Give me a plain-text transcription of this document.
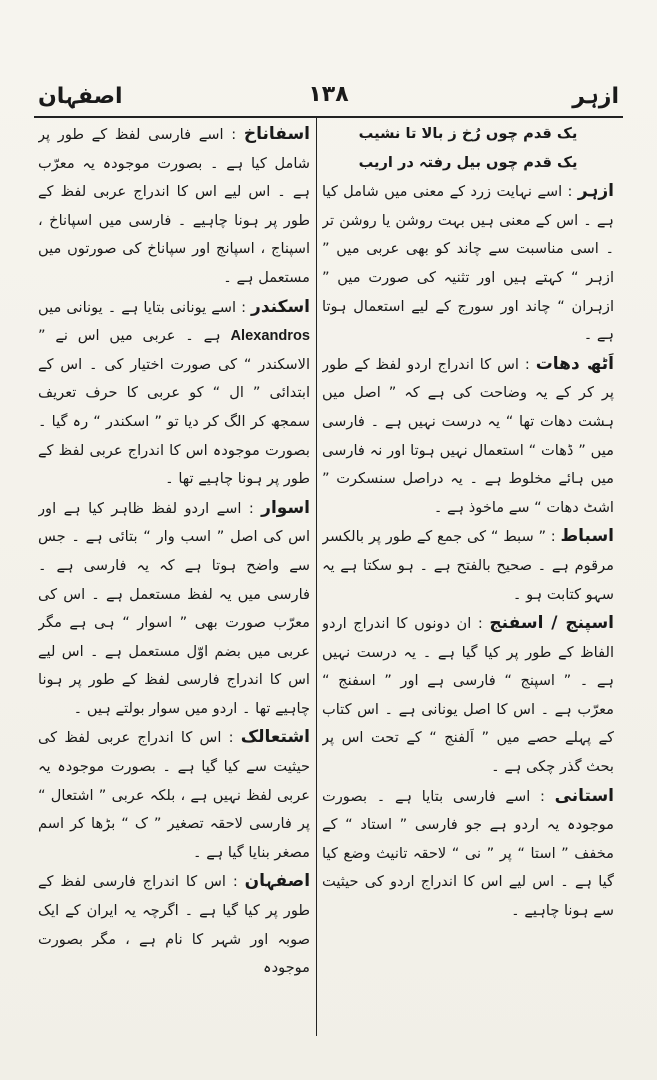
ازہر
۱۳۸
اصفہان

یک قدم چوں رُخ ز بالا تا نشیب

یک قدم چوں بیل رفتہ در اریب

ازہر : اسے نہایت زرد کے معنی میں شامل کیا ہے ۔ اس کے معنی ہیں بہت روشن یا روشن تر ۔ اسی مناسبت سے چاند کو بھی عربی میں ” ازہر “ کہتے ہیں اور تثنیہ کی صورت میں ” ازہران “ چاند اور سورج کے لیے استعمال ہوتا ہے ۔

اَٹھ دھات : اس کا اندراج اردو لفظ کے طور پر کر کے یہ وضاحت کی ہے کہ ” اصل میں ہشت دھات تھا “ یہ درست نہیں ہے ۔ فارسی میں ” ڈھات “ استعمال نہیں ہوتا اور نہ فارسی میں ہائے مخلوط ہے ۔ یہ دراصل سنسکرت ” اشٹ دھات “ سے ماخوذ ہے ۔

اسباط : ” سبط “ کی جمع کے طور پر بالکسر مرقوم ہے ۔ صحیح بالفتح ہے ۔ ہو سکتا ہے یہ سہو کتابت ہو ۔

اسپنج / اسفنج : ان دونوں کا اندراج اردو الفاظ کے طور پر کیا گیا ہے ۔ یہ درست نہیں ہے ۔ ” اسپنج “ فارسی ہے اور ” اسفنج “ معرّب ہے ۔ اس کا اصل یونانی ہے ۔ اس کتاب کے پہلے حصے میں ” اَلفنج “ کے تحت اس پر بحث گذر چکی ہے ۔

استانی : اسے فارسی بتایا ہے ۔ بصورت موجودہ یہ اردو ہے جو فارسی ” استاد “ کے مخفف ” استا “ پر ” نی “ لاحقہ تانیث وضع کیا گیا ہے ۔ اس لیے اس کا اندراج اردو کی حیثیت سے ہونا چاہیے ۔

اسفاناخ : اسے فارسی لفظ کے طور پر شامل کیا ہے ۔ بصورت موجودہ یہ معرّب ہے ۔ اس لیے اس کا اندراج عربی لفظ کے طور پر ہونا چاہیے ۔ فارسی میں اسپاناخ ، اسپناج ، اسپانج اور سپاناخ کی صورتوں میں مستعمل ہے ۔

اسکندر : اسے یونانی بتایا ہے ۔ یونانی میں Alexandros ہے ۔ عربی میں اس نے ” الاسکندر “ کی صورت اختیار کی ۔ اس کے ابتدائی ” ال “ کو عربی کا حرف تعریف سمجھ کر الگ کر دیا تو ” اسکندر “ رہ گیا ۔ بصورت موجودہ اس کا اندراج عربی لفظ کے طور پر ہونا چاہیے تھا ۔

اسوار : اسے اردو لفظ ظاہر کیا ہے اور اس کی اصل ” اسب وار “ بتائی ہے ۔ جس سے واضح ہوتا ہے کہ یہ فارسی ہے ۔ فارسی میں یہ لفظ مستعمل ہے ۔ اس کی معرّب صورت بھی ” اسوار “ ہی ہے مگر عربی میں بضم اوّل مستعمل ہے ۔ اس لیے اس کا اندراج فارسی لفظ کے طور پر ہونا چاہیے تھا ۔ اردو میں سوار بولتے ہیں ۔

اشتعالک : اس کا اندراج عربی لفظ کی حیثیت سے کیا گیا ہے ۔ بصورت موجودہ یہ عربی لفظ نہیں ہے ، بلکہ عربی ” اشتعال “ پر فارسی لاحقہ تصغیر ” ک “ بڑھا کر اسم مصغر بنایا گیا ہے ۔

اصفہان : اس کا اندراج فارسی لفظ کے طور پر کیا گیا ہے ۔ اگرچہ یہ ایران کے ایک صوبہ اور شہر کا نام ہے ، مگر بصورت موجودہ
